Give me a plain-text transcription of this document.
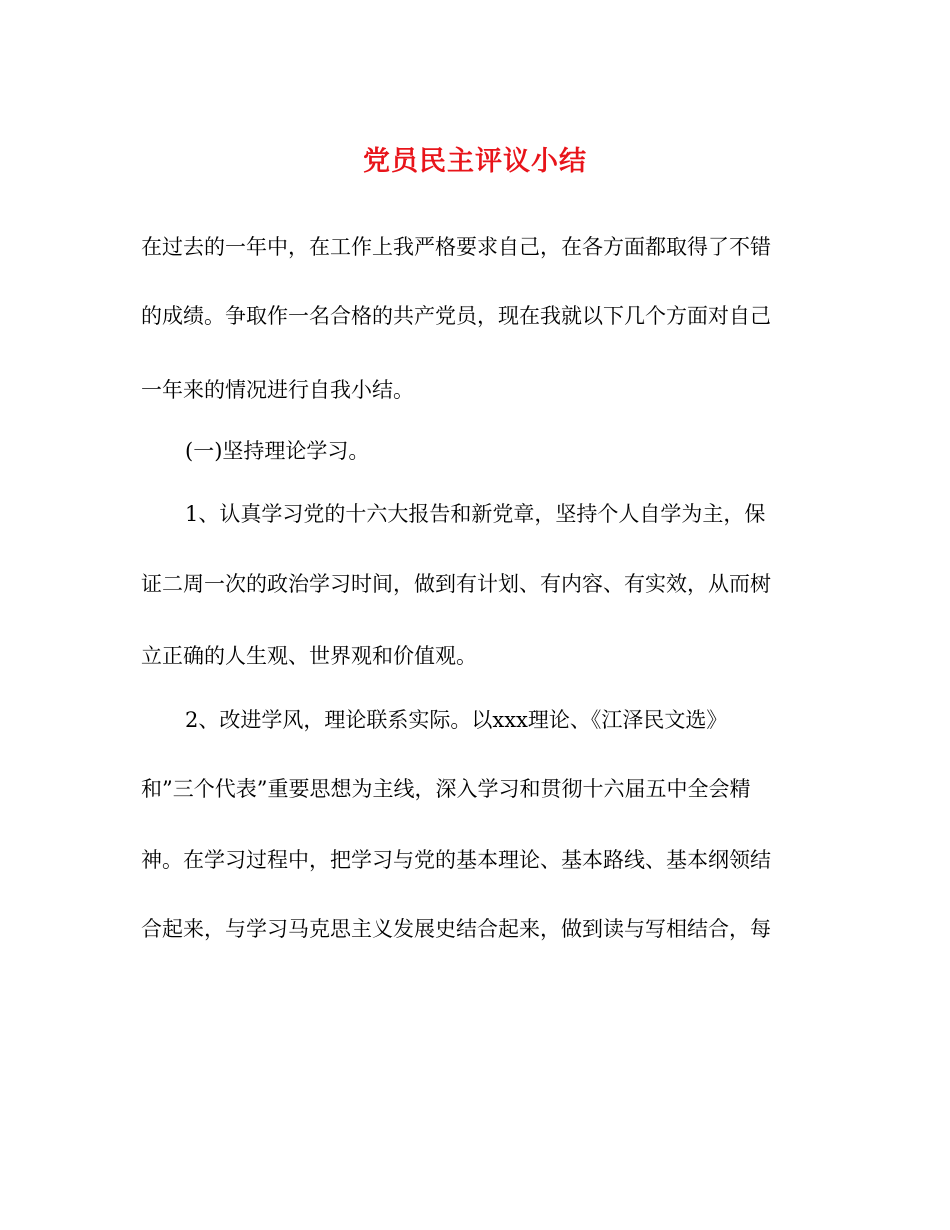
党员民主评议小结
在过去的一年中，在工作上我严格要求自己，在各方面都取得了不错
的成绩。争取作一名合格的共产党员，现在我就以下几个方面对自己
一年来的情况进行自我小结。
(一)坚持理论学习。
1、认真学习党的十六大报告和新党章，坚持个人自学为主，保
证二周一次的政治学习时间，做到有计划、有内容、有实效，从而树
立正确的人生观、世界观和价值观。
2、改进学风，理论联系实际。以xxx理论、《江泽民文选》
和”三个代表”重要思想为主线，深入学习和贯彻十六届五中全会精
神。在学习过程中，把学习与党的基本理论、基本路线、基本纲领结
合起来，与学习马克思主义发展史结合起来，做到读与写相结合，每
